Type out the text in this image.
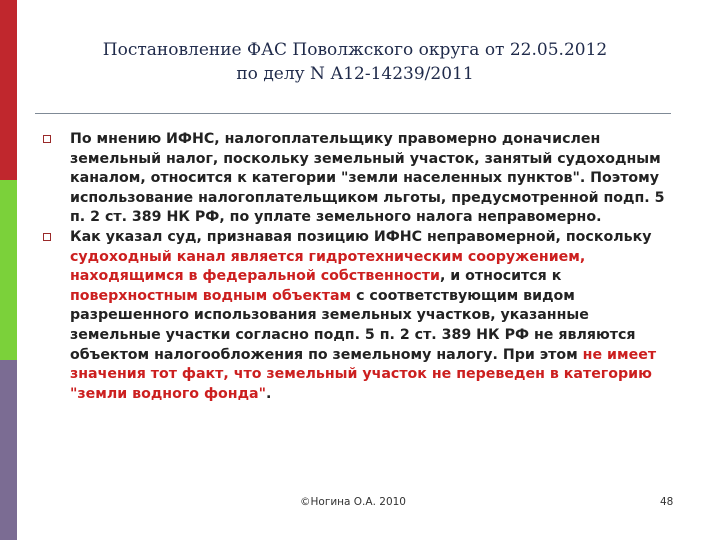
Постановление ФАС Поволжского округа от 22.05.2012
по делу N А12-14239/2011
По мнению ИФНС, налогоплательщику правомерно доначислен земельный налог, поскольку земельный участок, занятый судоходным каналом, относится к категории "земли населенных пунктов". Поэтому использование налогоплательщиком льготы, предусмотренной подп. 5 п. 2 ст. 389 НК РФ, по уплате земельного налога неправомерно.
Как указал суд, признавая позицию ИФНС неправомерной, поскольку судоходный канал является гидротехническим сооружением, находящимся в федеральной собственности, и относится к поверхностным водным объектам с соответствующим видом разрешенного использования земельных участков, указанные земельные участки согласно подп. 5 п. 2 ст. 389 НК РФ не являются объектом налогообложения по земельному налогу. При этом не имеет значения тот факт, что земельный участок не переведен в категорию "земли водного фонда".
©Ногина О.А. 2010	48
